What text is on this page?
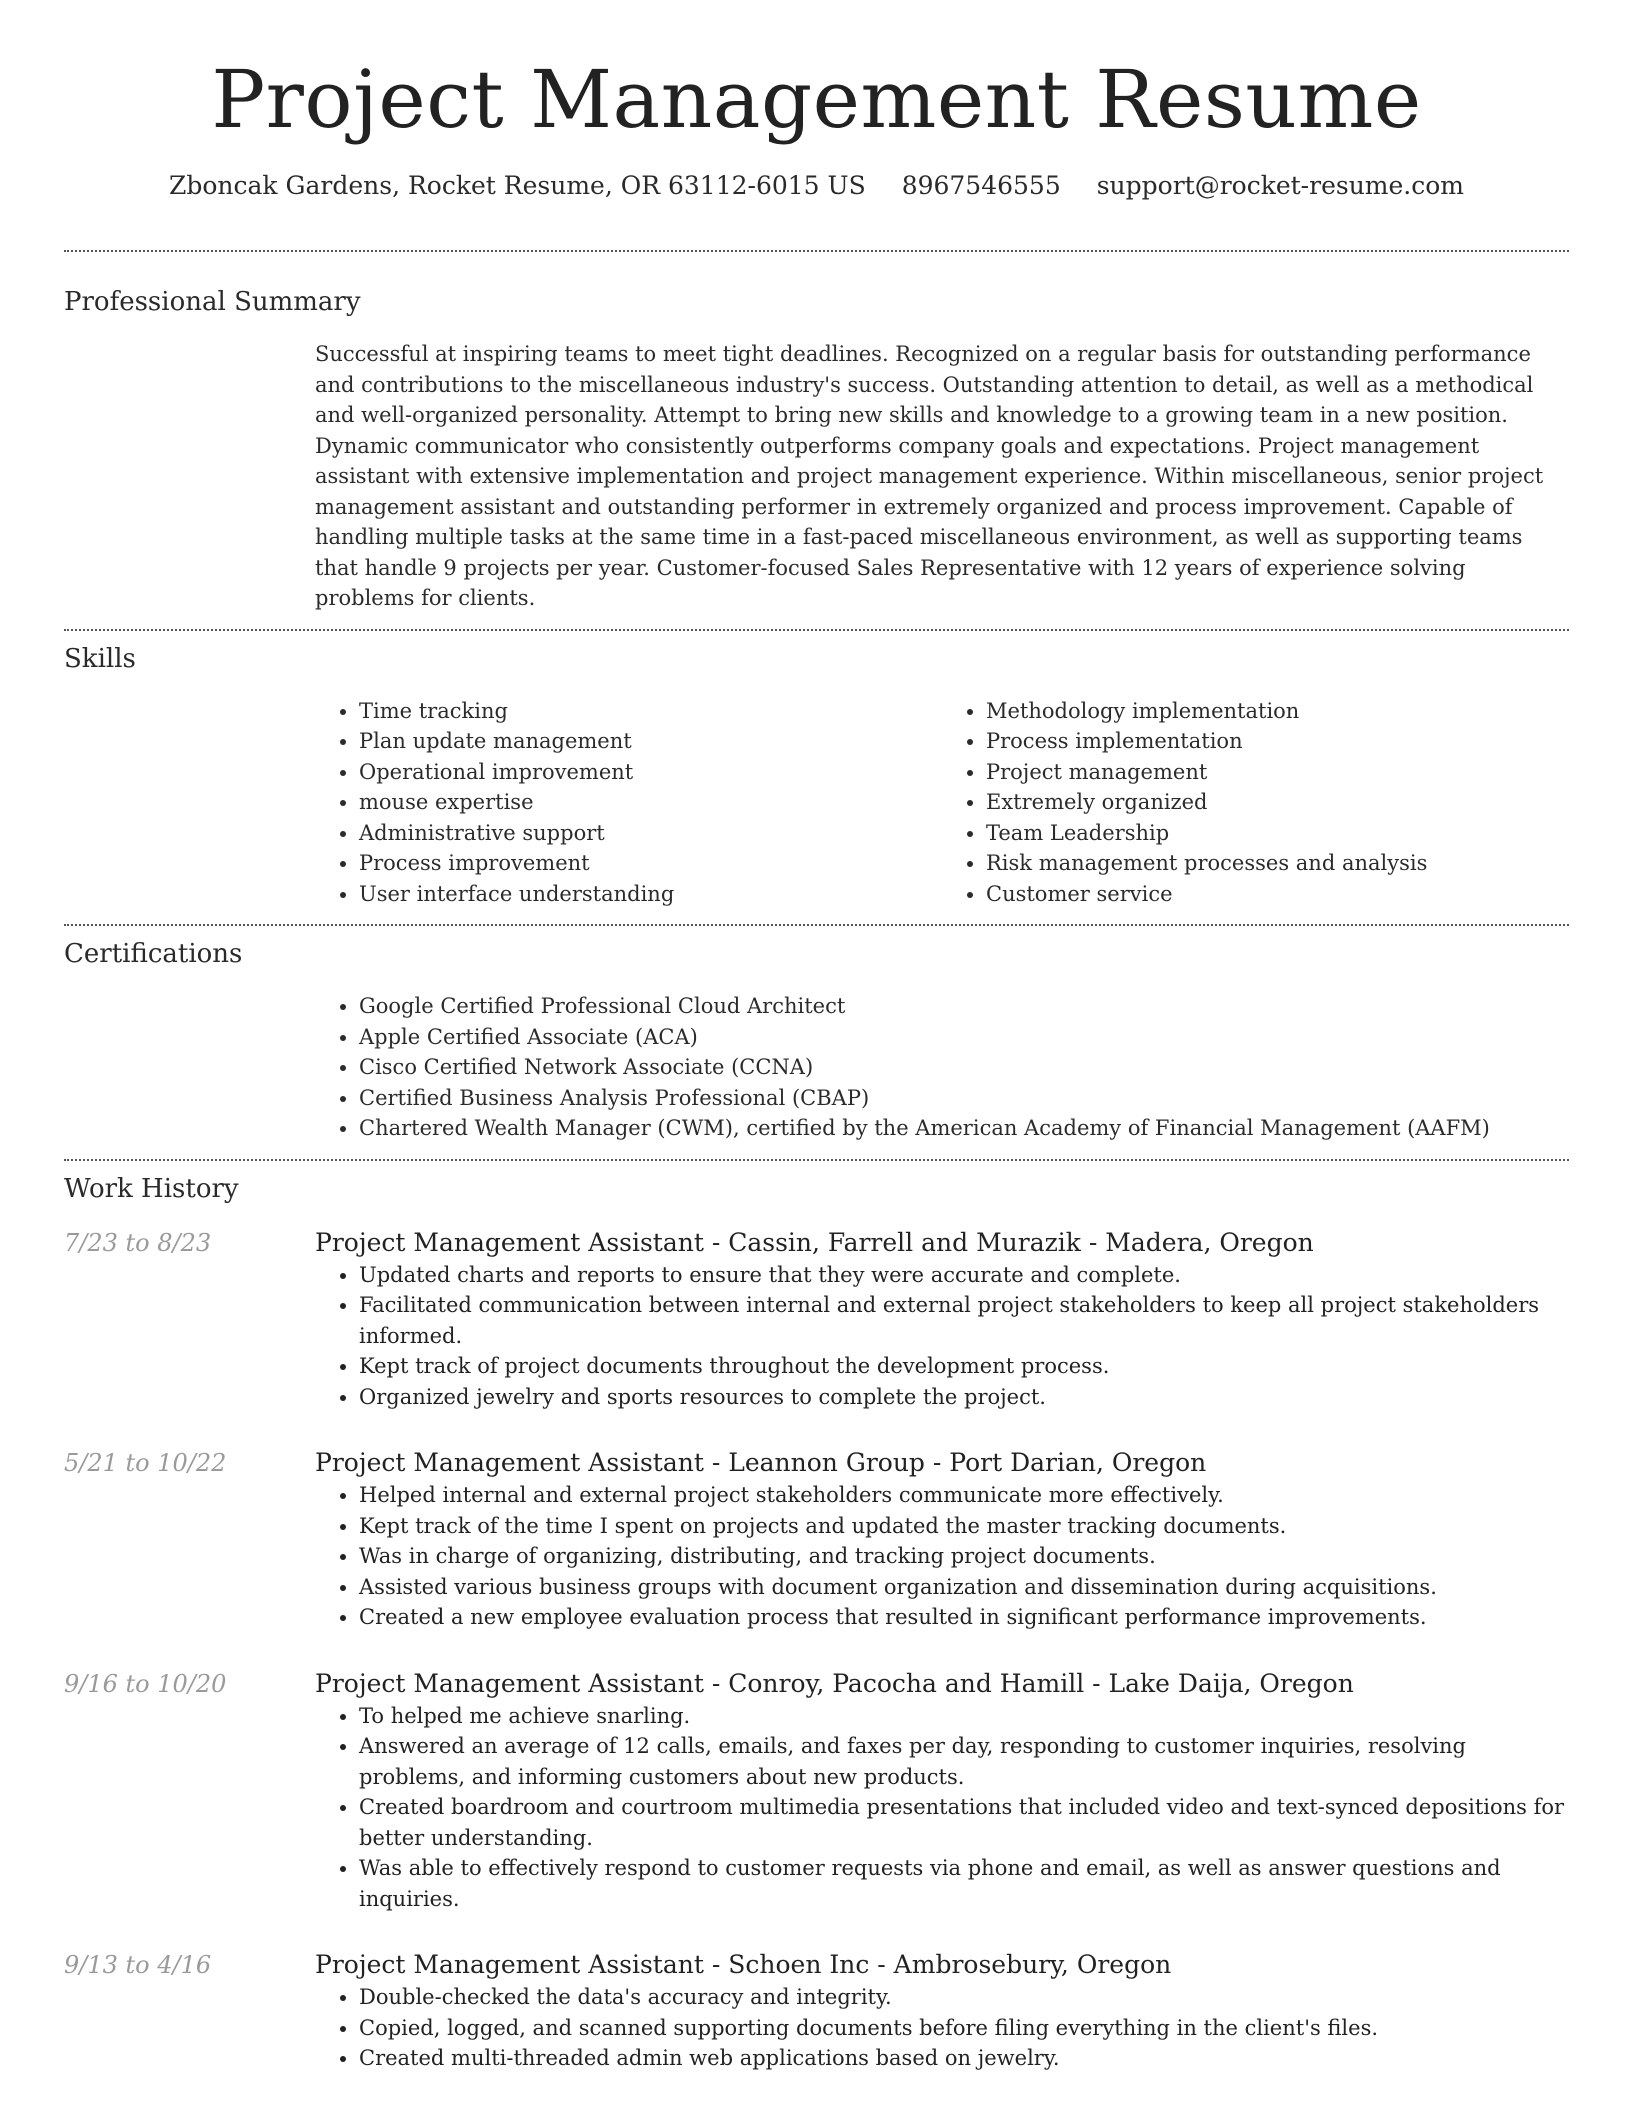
Project Management Resume
Zboncak Gardens, Rocket Resume, OR 63112-6015 US 8967546555 support@rocket-resume.com
Professional Summary

Successful at inspiring teams to meet tight deadlines. Recognized on a regular basis for outstanding performance and contributions to the miscellaneous industry's success. Outstanding attention to detail, as well as a methodical and well-organized personality. Attempt to bring new skills and knowledge to a growing team in a new position. Dynamic communicator who consistently outperforms company goals and expectations. Project management assistant with extensive implementation and project management experience. Within miscellaneous, senior project management assistant and outstanding performer in extremely organized and process improvement. Capable of handling multiple tasks at the same time in a fast-paced miscellaneous environment, as well as supporting teams that handle 9 projects per year. Customer-focused Sales Representative with 12 years of experience solving problems for clients.

Skills
• Time tracking
• Plan update management
• Operational improvement
• mouse expertise
• Administrative support
• Process improvement
• User interface understanding
• Methodology implementation
• Process implementation
• Project management
• Extremely organized
• Team Leadership
• Risk management processes and analysis
• Customer service
Certifications
• Google Certified Professional Cloud Architect
• Apple Certified Associate (ACA)
• Cisco Certified Network Associate (CCNA)
• Certified Business Analysis Professional (CBAP)
• Chartered Wealth Manager (CWM), certified by the American Academy of Financial Management (AAFM)
Work History
7/23 to 8/23	Project Management Assistant - Cassin, Farrell and Murazik - Madera, Oregon
• Updated charts and reports to ensure that they were accurate and complete.
• Facilitated communication between internal and external project stakeholders to keep all project stakeholders informed.
• Kept track of project documents throughout the development process.
• Organized jewelry and sports resources to complete the project.
5/21 to 10/22	Project Management Assistant - Leannon Group - Port Darian, Oregon
• Helped internal and external project stakeholders communicate more effectively.
• Kept track of the time I spent on projects and updated the master tracking documents.
• Was in charge of organizing, distributing, and tracking project documents.
• Assisted various business groups with document organization and dissemination during acquisitions.
• Created a new employee evaluation process that resulted in significant performance improvements.
9/16 to 10/20	Project Management Assistant - Conroy, Pacocha and Hamill - Lake Daija, Oregon
• To helped me achieve snarling.
• Answered an average of 12 calls, emails, and faxes per day, responding to customer inquiries, resolving problems, and informing customers about new products.
• Created boardroom and courtroom multimedia presentations that included video and text-synced depositions for better understanding.
• Was able to effectively respond to customer requests via phone and email, as well as answer questions and inquiries.
9/13 to 4/16	Project Management Assistant - Schoen Inc - Ambrosebury, Oregon
• Double-checked the data's accuracy and integrity.
• Copied, logged, and scanned supporting documents before filing everything in the client's files.
• Created multi-threaded admin web applications based on jewelry.
